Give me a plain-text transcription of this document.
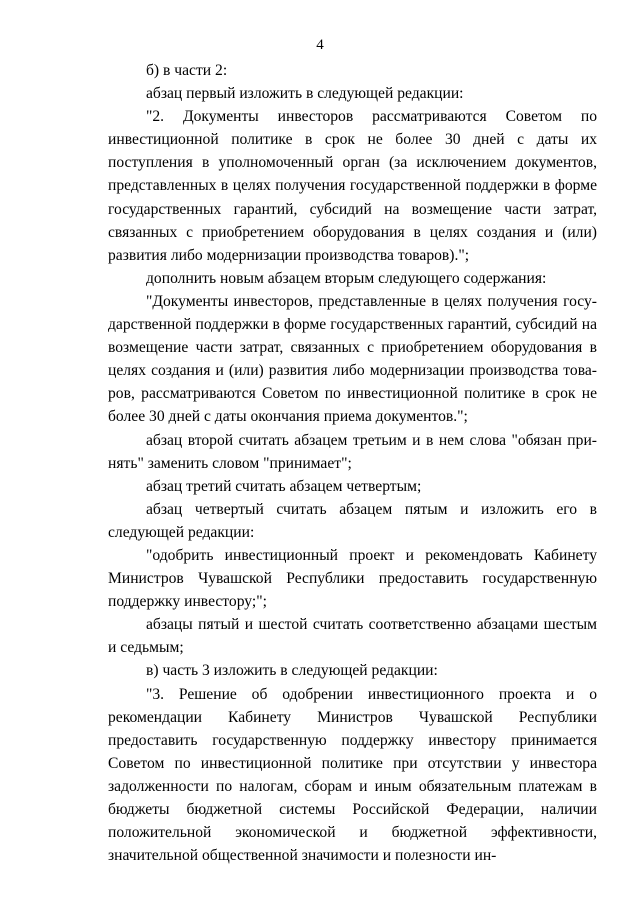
4

б) в части 2:

абзац первый изложить в следующей редакции:

"2. Документы инвесторов рассматриваются Советом по инвестиционной политике в срок не более 30 дней с даты их поступления в уполномоченный орган (за исключением документов, представленных в целях получения государственной поддержки в форме государственных гарантий, субсидий на возмещение части затрат, связанных с приобретением оборудования в целях создания и (или) развития либо модернизации производства товаров).";

дополнить новым абзацем вторым следующего содержания:

"Документы инвесторов, представленные в целях получения государственной поддержки в форме государственных гарантий, субсидий на возмещение части затрат, связанных с приобретением оборудования в целях создания и (или) развития либо модернизации производства товаров, рассматриваются Советом по инвестиционной политике в срок не более 30 дней с даты окончания приема документов.";

абзац второй считать абзацем третьим и в нем слова "обязан принять" заменить словом "принимает";

абзац третий считать абзацем четвертым;

абзац четвертый считать абзацем пятым и изложить его в следующей редакции:

"одобрить инвестиционный проект и рекомендовать Кабинету Министров Чувашской Республики предоставить государственную поддержку инвестору;";

абзацы пятый и шестой считать соответственно абзацами шестым и седьмым;

в) часть 3 изложить в следующей редакции:

"3. Решение об одобрении инвестиционного проекта и о рекомендации Кабинету Министров Чувашской Республики предоставить государственную поддержку инвестору принимается Советом по инвестиционной политике при отсутствии у инвестора задолженности по налогам, сборам и иным обязательным платежам в бюджеты бюджетной системы Российской Федерации, наличии положительной экономической и бюджетной эффективности, значительной общественной значимости и полезности ин-
